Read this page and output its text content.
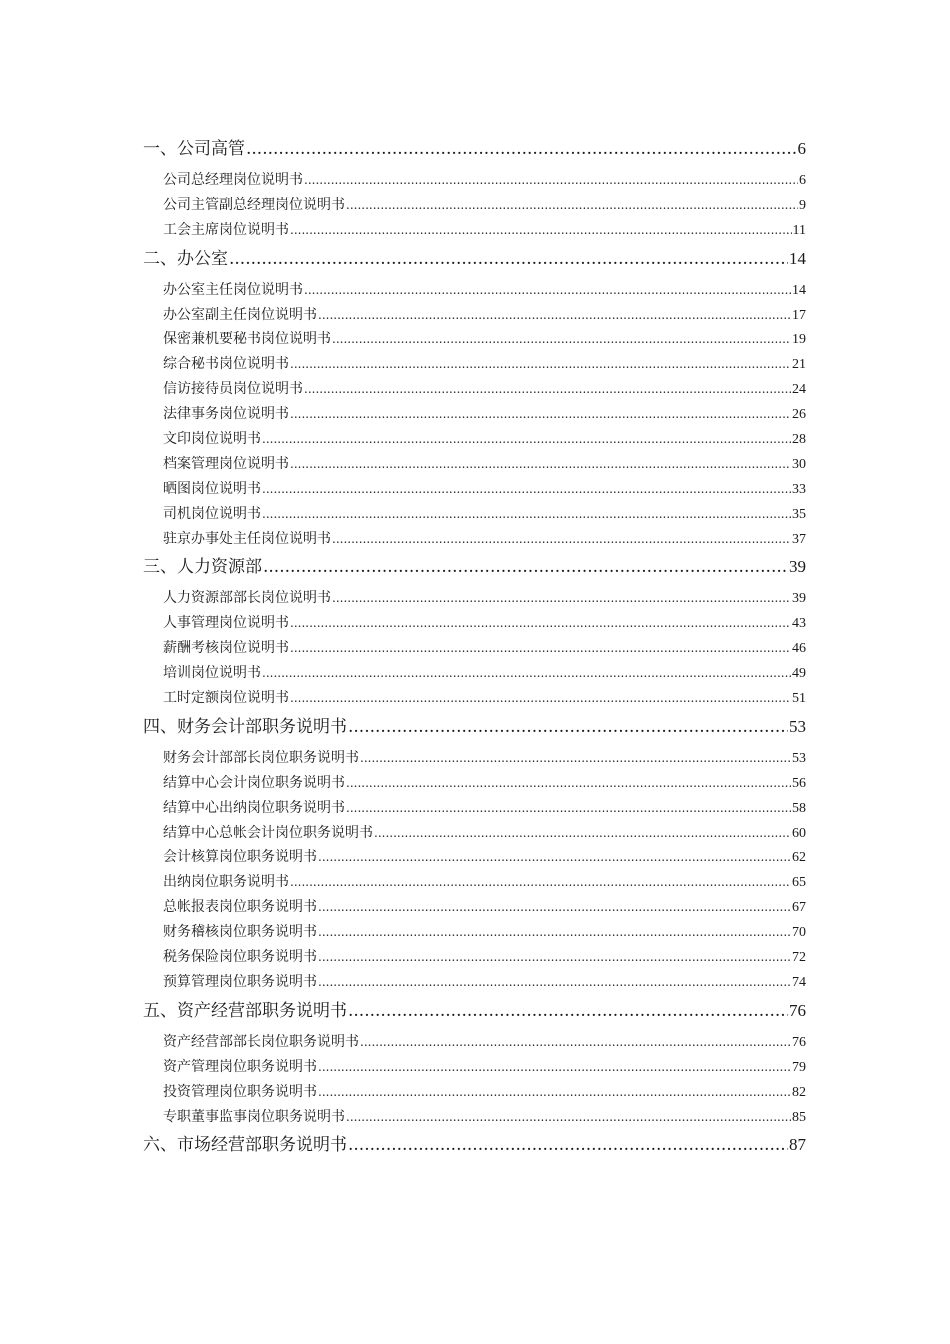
一、 公司高管 .....	6
公司总经理岗位说明书 .....	6
公司主管副总经理岗位说明书 .....	9
工会主席岗位说明书 .....	11
二、 办公室 .....	14
办公室主任岗位说明书 .....	14
办公室副主任岗位说明书 .....	17
保密兼机要秘书岗位说明书 .....	19
综合秘书岗位说明书 .....	21
信访接待员岗位说明书 .....	24
法律事务岗位说明书 .....	26
文印岗位说明书 .....	28
档案管理岗位说明书 .....	30
晒图岗位说明书 .....	33
司机岗位说明书 .....	35
驻京办事处主任岗位说明书 .....	37
三、 人力资源部 .....	39
人力资源部部长岗位说明书 .....	39
人事管理岗位说明书 .....	43
薪酬考核岗位说明书 .....	46
培训岗位说明书 .....	49
工时定额岗位说明书 .....	51
四、 财务会计部职务说明书 .....	53
财务会计部部长岗位职务说明书 .....	53
结算中心会计岗位职务说明书 .....	56
结算中心出纳岗位职务说明书 .....	58
结算中心总帐会计岗位职务说明书 .....	60
会计核算岗位职务说明书 .....	62
出纳岗位职务说明书 .....	65
总帐报表岗位职务说明书 .....	67
财务稽核岗位职务说明书 .....	70
税务保险岗位职务说明书 .....	72
预算管理岗位职务说明书 .....	74
五、 资产经营部职务说明书 .....	76
资产经营部部长岗位职务说明书 .....	76
资产管理岗位职务说明书 .....	79
投资管理岗位职务说明书 .....	82
专职董事监事岗位职务说明书 .....	85
六、 市场经营部职务说明书 .....	87
